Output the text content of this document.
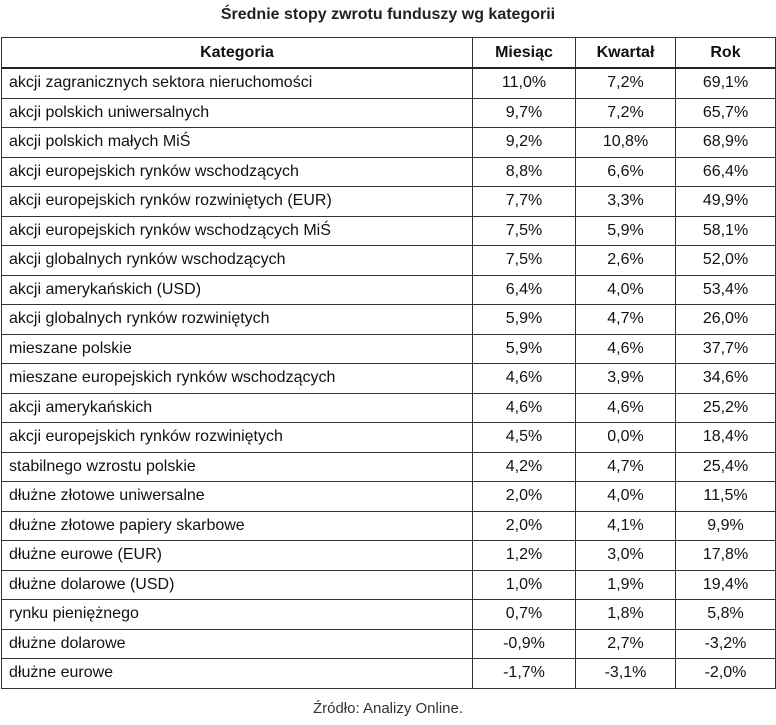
Średnie stopy zwrotu funduszy wg kategorii
Kategoria	Miesiąc	Kwartał	Rok
akcji zagranicznych sektora nieruchomości	11,0%	7,2%	69,1%
akcji polskich uniwersalnych	9,7%	7,2%	65,7%
akcji polskich małych MiŚ	9,2%	10,8%	68,9%
akcji europejskich rynków wschodzących	8,8%	6,6%	66,4%
akcji europejskich rynków rozwiniętych (EUR)	7,7%	3,3%	49,9%
akcji europejskich rynków wschodzących MiŚ	7,5%	5,9%	58,1%
akcji globalnych rynków wschodzących	7,5%	2,6%	52,0%
akcji amerykańskich (USD)	6,4%	4,0%	53,4%
akcji globalnych rynków rozwiniętych	5,9%	4,7%	26,0%
mieszane polskie	5,9%	4,6%	37,7%
mieszane europejskich rynków wschodzących	4,6%	3,9%	34,6%
akcji amerykańskich	4,6%	4,6%	25,2%
akcji europejskich rynków rozwiniętych	4,5%	0,0%	18,4%
stabilnego wzrostu polskie	4,2%	4,7%	25,4%
dłużne złotowe uniwersalne	2,0%	4,0%	11,5%
dłużne złotowe papiery skarbowe	2,0%	4,1%	9,9%
dłużne eurowe (EUR)	1,2%	3,0%	17,8%
dłużne dolarowe (USD)	1,0%	1,9%	19,4%
rynku pieniężnego	0,7%	1,8%	5,8%
dłużne dolarowe	-0,9%	2,7%	-3,2%
dłużne eurowe	-1,7%	-3,1%	-2,0%
Źródło: Analizy Online.
